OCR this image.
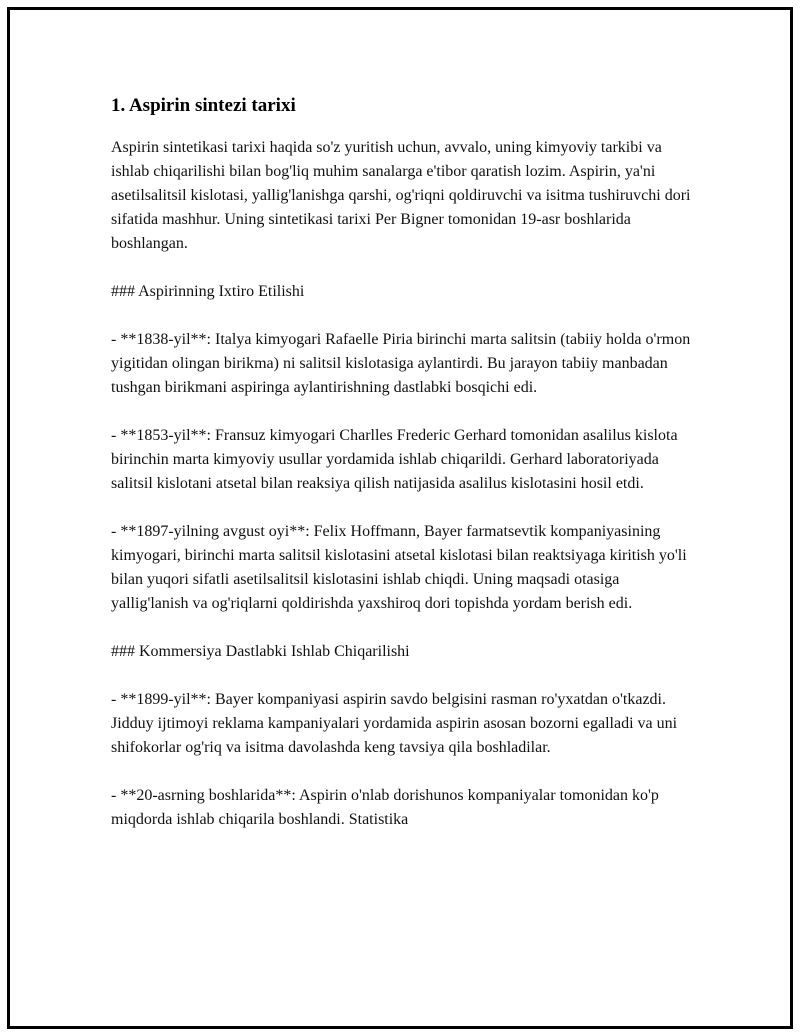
1. Aspirin sintezi tarixi

Aspirin sintetikasi tarixi haqida so'z yuritish uchun, avvalo, uning kimyoviy tarkibi va ishlab chiqarilishi bilan bog'liq muhim sanalarga e'tibor qaratish lozim. Aspirin, ya'ni asetilsalitsil kislotasi, yallig'lanishga qarshi, og'riqni qoldiruvchi va isitma tushiruvchi dori sifatida mashhur. Uning sintetikasi tarixi Per Bigner tomonidan 19-asr boshlarida boshlangan.

### Aspirinning Ixtiro Etilishi

- **1838-yil**: Italya kimyogari Rafaelle Piria birinchi marta salitsin (tabiiy holda o'rmon yigitidan olingan birikma) ni salitsil kislotasiga aylantirdi. Bu jarayon tabiiy manbadan tushgan birikmani aspiringa aylantirishning dastlabki bosqichi edi.

- **1853-yil**: Fransuz kimyogari Charlles Frederic Gerhard tomonidan asalilus kislota birinchin marta kimyoviy usullar yordamida ishlab chiqarildi. Gerhard laboratoriyada salitsil kislotani atsetal bilan reaksiya qilish natijasida asalilus kislotasini hosil etdi.

- **1897-yilning avgust oyi**: Felix Hoffmann, Bayer farmatsevtik kompaniyasining kimyogari, birinchi marta salitsil kislotasini atsetal kislotasi bilan reaktsiyaga kiritish yo'li bilan yuqori sifatli asetilsalitsil kislotasini ishlab chiqdi. Uning maqsadi otasiga yallig'lanish va og'riqlarni qoldirishda yaxshiroq dori topishda yordam berish edi.

### Kommersiya Dastlabki Ishlab Chiqarilishi

- **1899-yil**: Bayer kompaniyasi aspirin savdo belgisini rasman ro'yxatdan o'tkazdi. Jidduy ijtimoyi reklama kampaniyalari yordamida aspirin asosan bozorni egalladi va uni shifokorlar og'riq va isitma davolashda keng tavsiya qila boshladilar.

- **20-asrning boshlarida**: Aspirin o'nlab dorishunos kompaniyalar tomonidan ko'p miqdorda ishlab chiqarila boshlandi. Statistika
